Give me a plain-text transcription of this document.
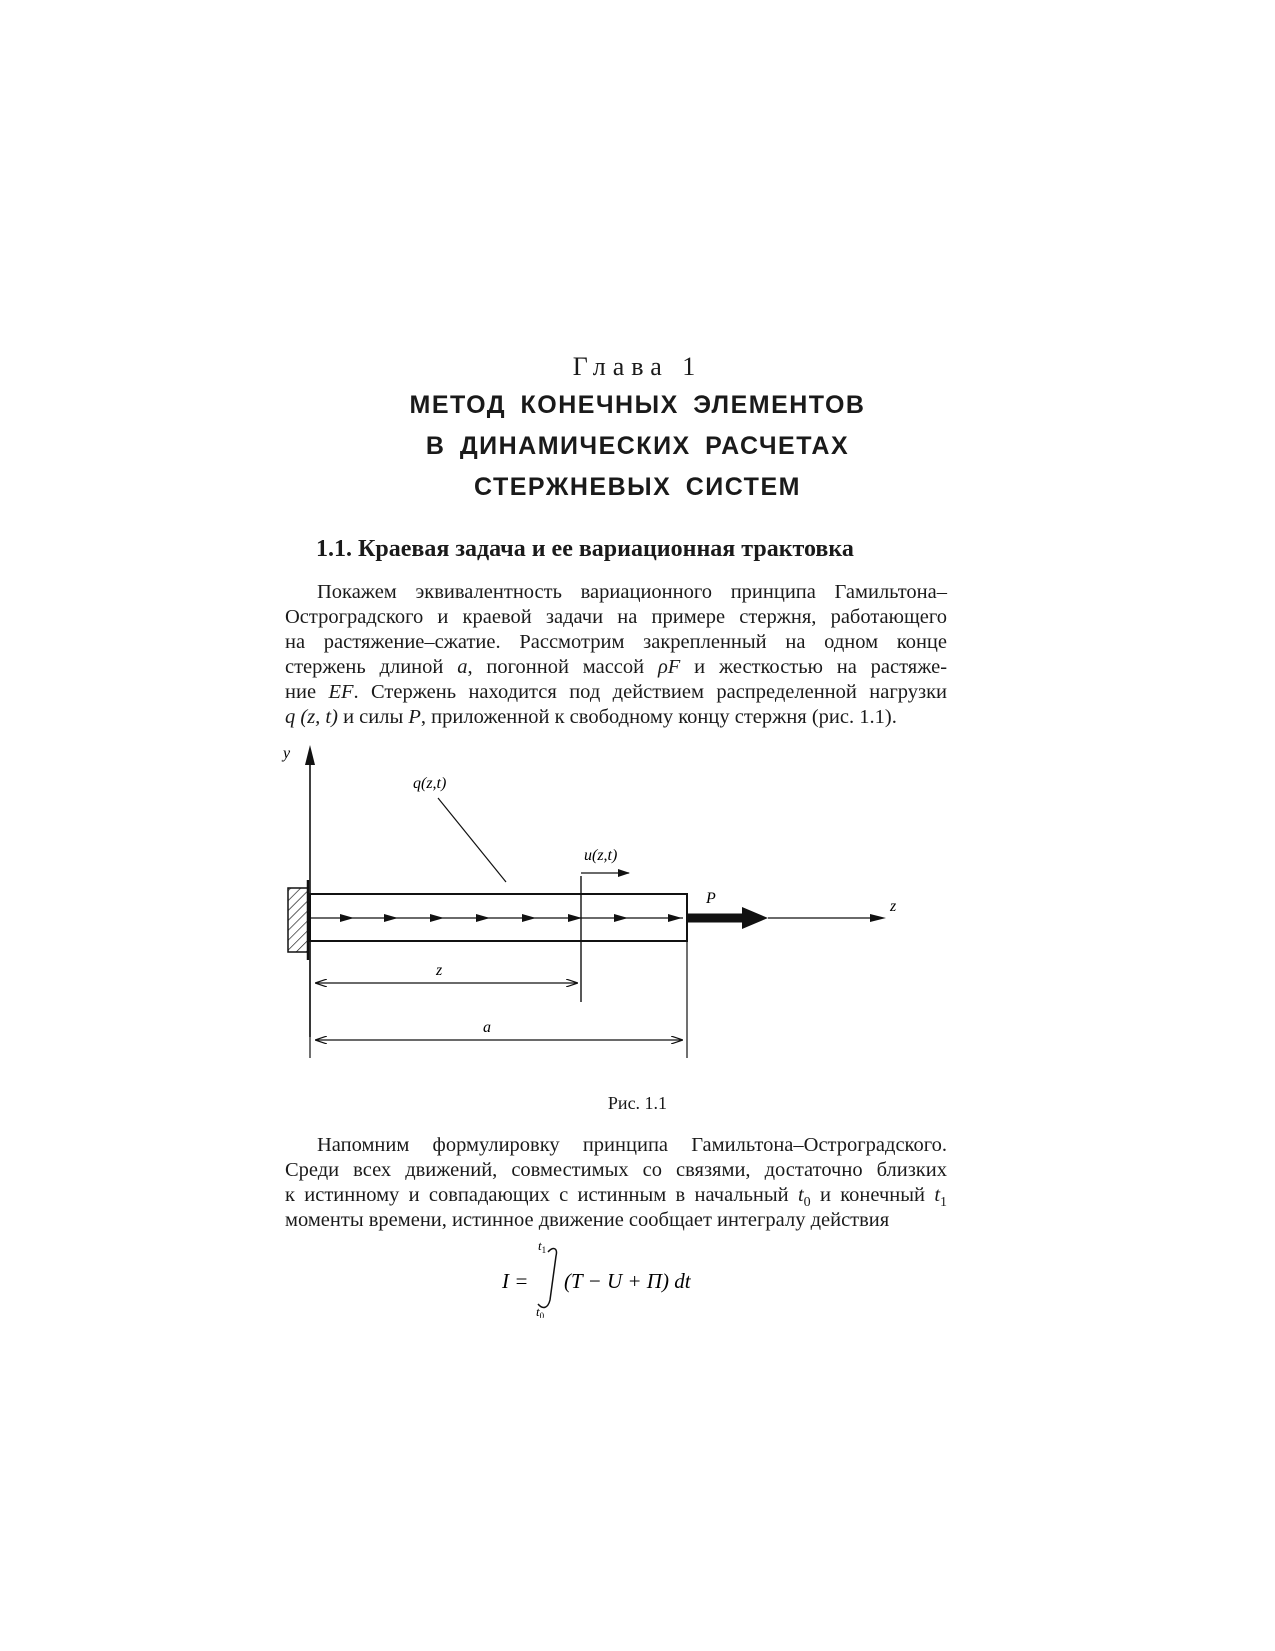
Глава 1
МЕТОД КОНЕЧНЫХ ЭЛЕМЕНТОВ
В ДИНАМИЧЕСКИХ РАСЧЕТАХ
СТЕРЖНЕВЫХ СИСТЕМ
1.1. Краевая задача и ее вариационная трактовка
Покажем эквивалентность вариационного принципа Гамильтона–
Остроградского и краевой задачи на примере стержня, работающего
на растяжение–сжатие. Рассмотрим закрепленный на одном конце
стержень длиной a, погонной массой ρF и жесткостью на растяже-
ние EF. Стержень находится под действием распределенной нагрузки
q (z, t) и силы P, приложенной к свободному концу стержня (рис. 1.1).
y
q(z,t)
u(z,t)
P	z
z
a
Рис. 1.1
Напомним формулировку принципа Гамильтона–Остроградского.
Среди всех движений, совместимых со связями, достаточно близких
к истинному и совпадающих с истинным в начальный $t_0$ и конечный $t_1$
моменты времени, истинное движение сообщает интегралу действия
I =
$t_1$
$t_0$
(T − U + Π) dt
